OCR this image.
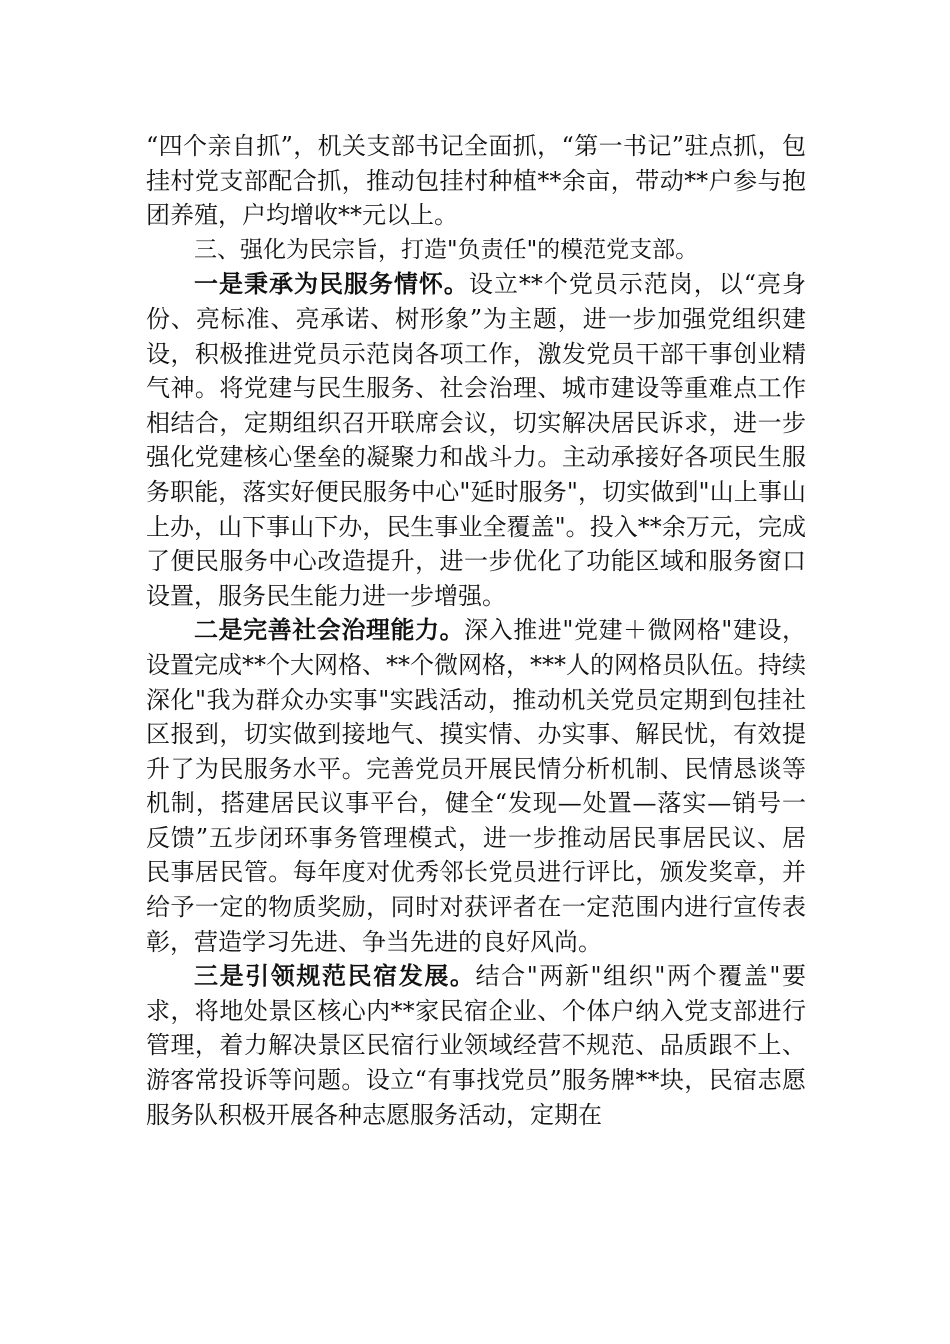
“四个亲自抓”，机关支部书记全面抓，“第一书记”驻点抓，包挂村党支部配合抓，推动包挂村种植**余亩，带动**户参与抱团养殖，户均增收**元以上。

三、强化为民宗旨，打造"负责任"的模范党支部。

一是秉承为民服务情怀。设立**个党员示范岗，以“亮身份、亮标准、亮承诺、树形象”为主题，进一步加强党组织建设，积极推进党员示范岗各项工作，激发党员干部干事创业精气神。将党建与民生服务、社会治理、城市建设等重难点工作相结合，定期组织召开联席会议，切实解决居民诉求，进一步强化党建核心堡垒的凝聚力和战斗力。主动承接好各项民生服务职能，落实好便民服务中心"延时服务"，切实做到"山上事山上办，山下事山下办，民生事业全覆盖"。投入**余万元，完成了便民服务中心改造提升，进一步优化了功能区域和服务窗口设置，服务民生能力进一步增强。

二是完善社会治理能力。深入推进"党建＋微网格"建设，设置完成**个大网格、**个微网格，***人的网格员队伍。持续深化"我为群众办实事"实践活动，推动机关党员定期到包挂社区报到，切实做到接地气、摸实情、办实事、解民忧，有效提升了为民服务水平。完善党员开展民情分析机制、民情恳谈等机制，搭建居民议事平台，健全“发现—处置—落实—销号一反馈”五步闭环事务管理模式，进一步推动居民事居民议、居民事居民管。每年度对优秀邻长党员进行评比，颁发奖章，并给予一定的物质奖励，同时对获评者在一定范围内进行宣传表彰，营造学习先进、争当先进的良好风尚。

三是引领规范民宿发展。结合"两新"组织"两个覆盖"要求，将地处景区核心内**家民宿企业、个体户纳入党支部进行管理，着力解决景区民宿行业领域经营不规范、品质跟不上、游客常投诉等问题。设立“有事找党员”服务牌**块，民宿志愿服务队积极开展各种志愿服务活动，定期在
